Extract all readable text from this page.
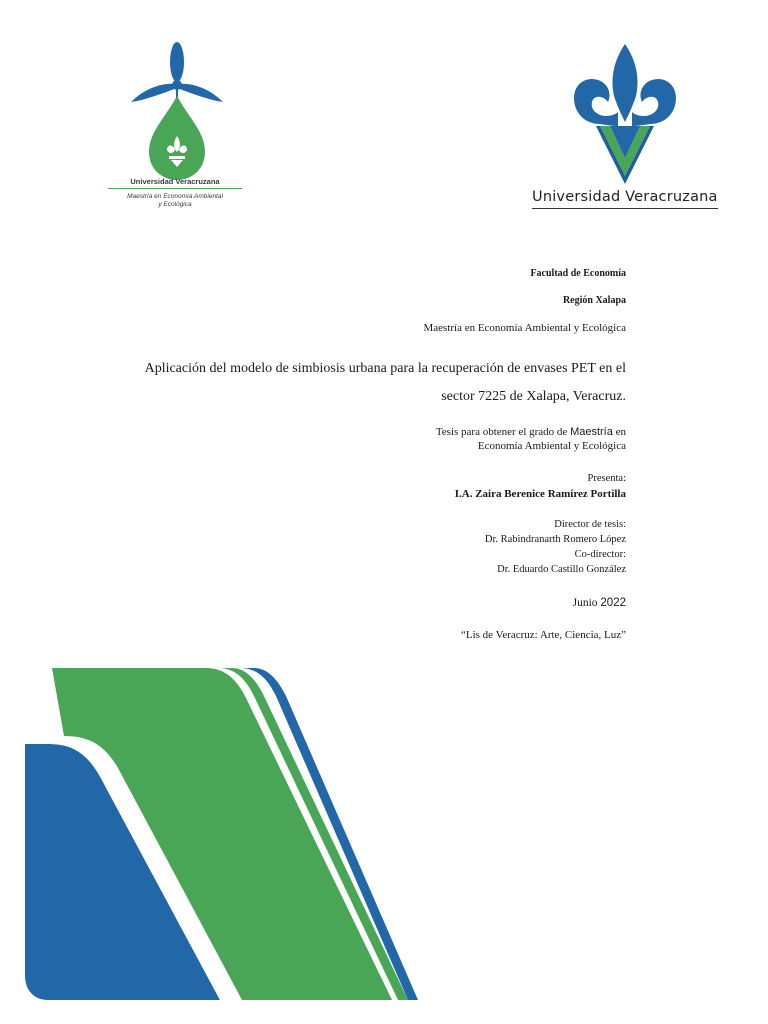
Universidad Veracruzana
Maestría en Economía Ambiental
y Ecológica	Universidad Veracruzana
Facultad de Economía
Región Xalapa
Maestría en Economía Ambiental y Ecológica
Aplicación del modelo de simbiosis urbana para la recuperación de envases PET en el
sector 7225 de Xalapa, Veracruz.
Tesis para obtener el grado de Maestría en
Economía Ambiental y Ecológica
Presenta:
I.A. Zaira Berenice Ramírez Portilla
Director de tesis:
Dr. Rabindranarth Romero López
Co-director:
Dr. Eduardo Castillo González
Junio 2022
“Lis de Veracruz: Arte, Ciencia, Luz”
